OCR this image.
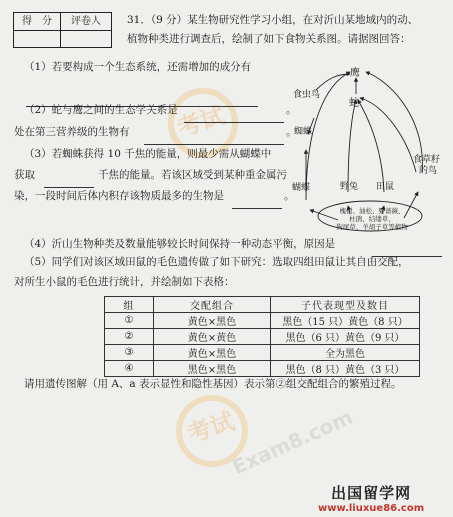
考试
考试
Exam8.com
得　分	评卷人	31．（9 分）某生物研究性学习小组，在对沂山某地域内的动、
植物种类进行调查后，绘制了如下食物关系图。请据图回答：
（1）若要构成一个生态系统，还需增加的成分有
（2）蛇与鹰之间的生态学关系是	。
处在第三营养级的生物有	。
（3）若蜘蛛获得 10 千焦的能量，则最少需从蝴蝶中
获取	千焦的能量。若该区域受到某种重金属污
染，一段时间后体内积存该物质最多的生物是	。
鹰
蛇
食虫鸟
蜘蛛
蝴蝶	野兔 田鼠
食草籽
的鸟
槐树、油松、野蔷薇、
杜鹃、结缕草、
狗尾草、羊胡子草等植物
（4）沂山生物种类及数量能够较长时间保持一种动态平衡，原因是
（5）同学们对该区域田鼠的毛色遗传做了如下研究：选取四组田鼠让其自由交配，
对所生小鼠的毛色进行统计，并绘制如下表格：
组	交配组合	子代表现型及数目
①	黄色×黑色	黑色（15 只）黄色（8 只）
②	黄色×黄色	黑色（6 只）黄色（9 只）
③	黄色×黑色	全为黑色
④	黑色×黑色	黑色（8 只）黄色（3 只）
请用遗传图解（用 A、a 表示显性和隐性基因）表示第②组交配组合的繁殖过程。
出国留学网
www.liuxue86.com
